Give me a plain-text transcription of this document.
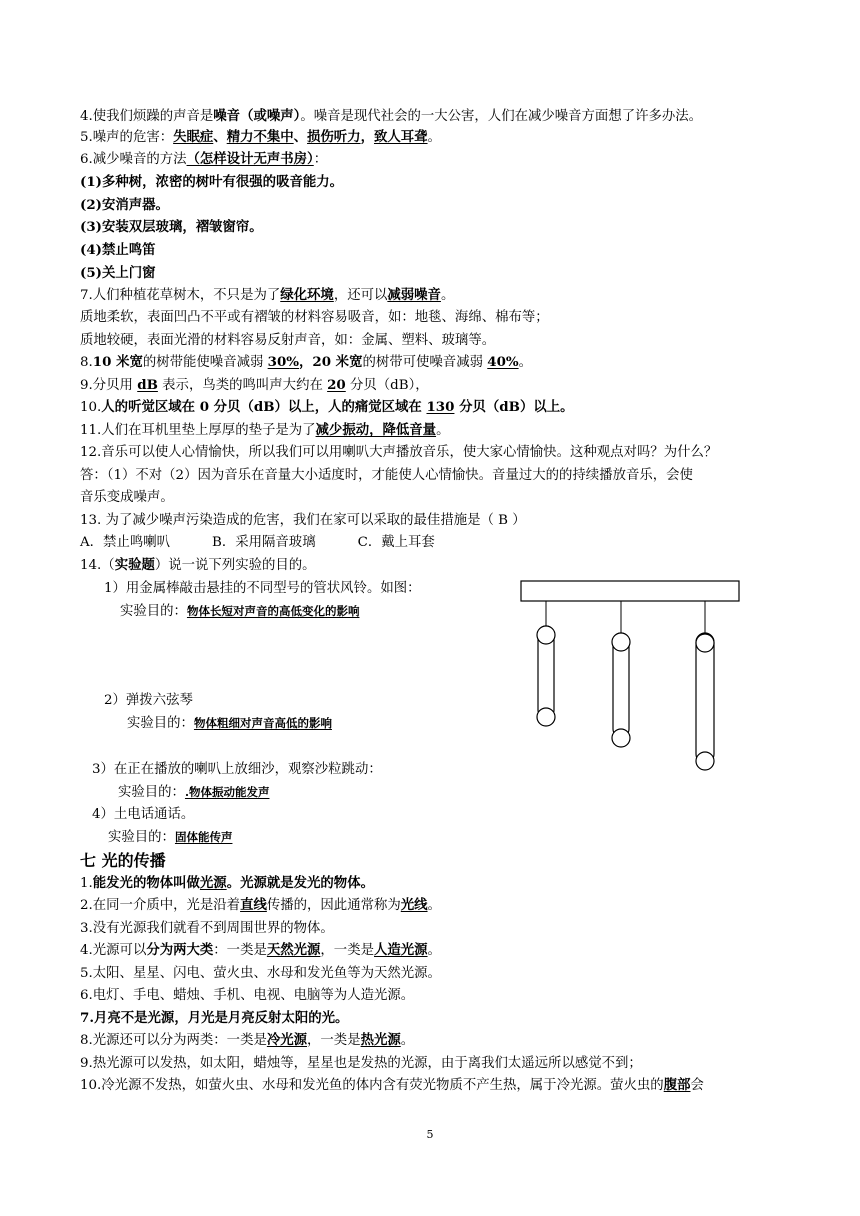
4.使我们烦躁的声音是噪音（或噪声）。噪音是现代社会的一大公害，人们在减少噪音方面想了许多办法。
5.噪声的危害：失眠症、精力不集中、损伤听力，致人耳聋。
6.减少噪音的方法（怎样设计无声书房）：
(1)多种树，浓密的树叶有很强的吸音能力。
(2)安消声器。
(3)安装双层玻璃，褶皱窗帘。
(4)禁止鸣笛
(5)关上门窗
7.人们种植花草树木，不只是为了绿化环境，还可以减弱噪音。
质地柔软，表面凹凸不平或有褶皱的材料容易吸音，如：地毯、海绵、棉布等；
质地较硬，表面光滑的材料容易反射声音，如：金属、塑料、玻璃等。
8.10 米宽的树带能使噪音减弱 30%，20 米宽的树带可使噪音减弱 40%。
9.分贝用 dB 表示，鸟类的鸣叫声大约在 20 分贝（dB），
10.人的听觉区域在 0 分贝（dB）以上，人的痛觉区域在 130 分贝（dB）以上。
11.人们在耳机里垫上厚厚的垫子是为了减少振动，降低音量。
12.音乐可以使人心情愉快，所以我们可以用喇叭大声播放音乐，使大家心情愉快。这种观点对吗？为什么？
答：（1）不对（2）因为音乐在音量大小适度时，才能使人心情愉快。音量过大的的持续播放音乐，会使
音乐变成噪声。
13. 为了减少噪声污染造成的危害，我们在家可以采取的最佳措施是（ B ）
A．禁止鸣喇叭	B．采用隔音玻璃	C．戴上耳套
14.（实验题）说一说下列实验的目的。
1）用金属棒敲击悬挂的不同型号的管状风铃。如图：
实验目的：物体长短对声音的高低变化的影响
2）弹拨六弦琴
实验目的：物体粗细对声音高低的影响
3）在正在播放的喇叭上放细沙，观察沙粒跳动：
实验目的：.物体振动能发声
4）土电话通话。
实验目的：固体能传声
七 光的传播
1.能发光的物体叫做光源。光源就是发光的物体。
2.在同一介质中，光是沿着直线传播的，因此通常称为光线。
3.没有光源我们就看不到周围世界的物体。
4.光源可以分为两大类：一类是天然光源，一类是人造光源。
5.太阳、星星、闪电、萤火虫、水母和发光鱼等为天然光源。
6.电灯、手电、蜡烛、手机、电视、电脑等为人造光源。
7.月亮不是光源，月光是月亮反射太阳的光。
8.光源还可以分为两类：一类是冷光源，一类是热光源。
9.热光源可以发热，如太阳，蜡烛等，星星也是发热的光源，由于离我们太遥远所以感觉不到；
10.冷光源不发热，如萤火虫、水母和发光鱼的体内含有荧光物质不产生热，属于冷光源。萤火虫的腹部会
5
